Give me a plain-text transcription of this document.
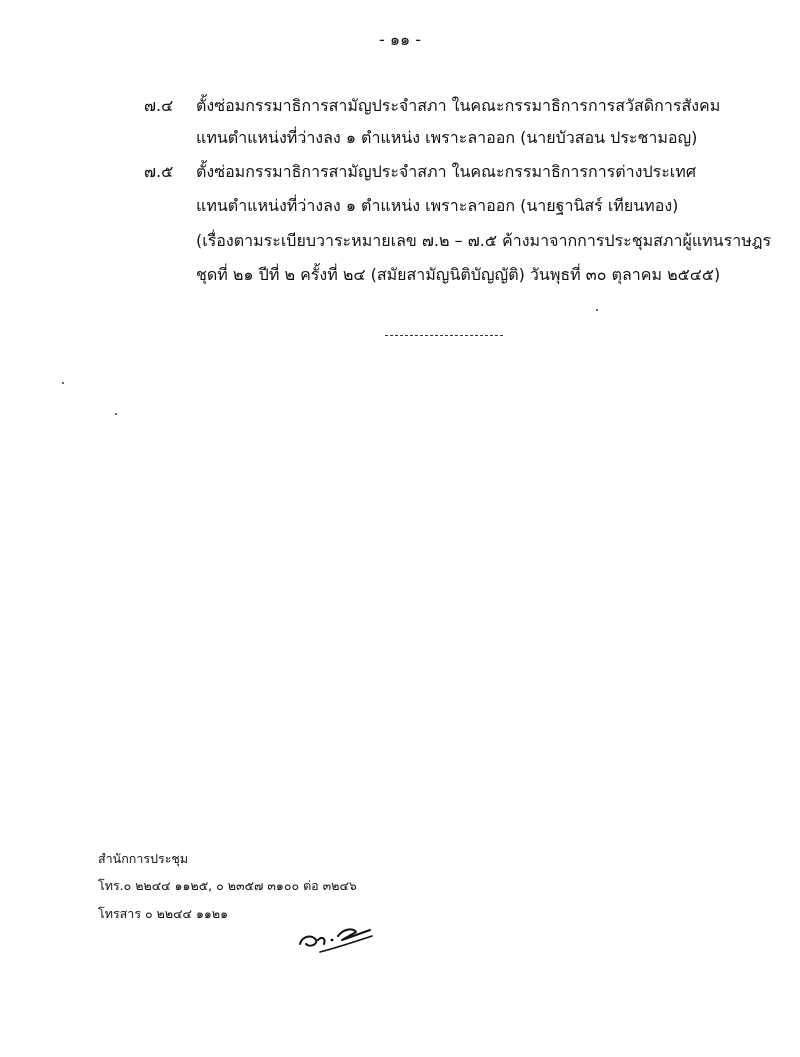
- ๑๑ -
๗.๔ ตั้งซ่อมกรรมาธิการสามัญประจำสภา ในคณะกรรมาธิการการสวัสดิการสังคม
แทนตำแหน่งที่ว่างลง ๑ ตำแหน่ง เพราะลาออก (นายบัวสอน ประชามอญ)
๗.๕ ตั้งซ่อมกรรมาธิการสามัญประจำสภา ในคณะกรรมาธิการการต่างประเทศ
แทนตำแหน่งที่ว่างลง ๑ ตำแหน่ง เพราะลาออก (นายฐานิสร์ เทียนทอง)
(เรื่องตามระเบียบวาระหมายเลข ๗.๒ – ๗.๕ ค้างมาจากการประชุมสภาผู้แทนราษฎร
ชุดที่ ๒๑ ปีที่ ๒ ครั้งที่ ๒๔ (สมัยสามัญนิติบัญญัติ) วันพุธที่ ๓๐ ตุลาคม ๒๕๔๕)
สำนักการประชุม
โทร.๐ ๒๒๔๔ ๑๑๒๕, ๐ ๒๓๕๗ ๓๑๐๐ ต่อ ๓๒๔๖
โทรสาร ๐ ๒๒๔๔ ๑๑๒๑
